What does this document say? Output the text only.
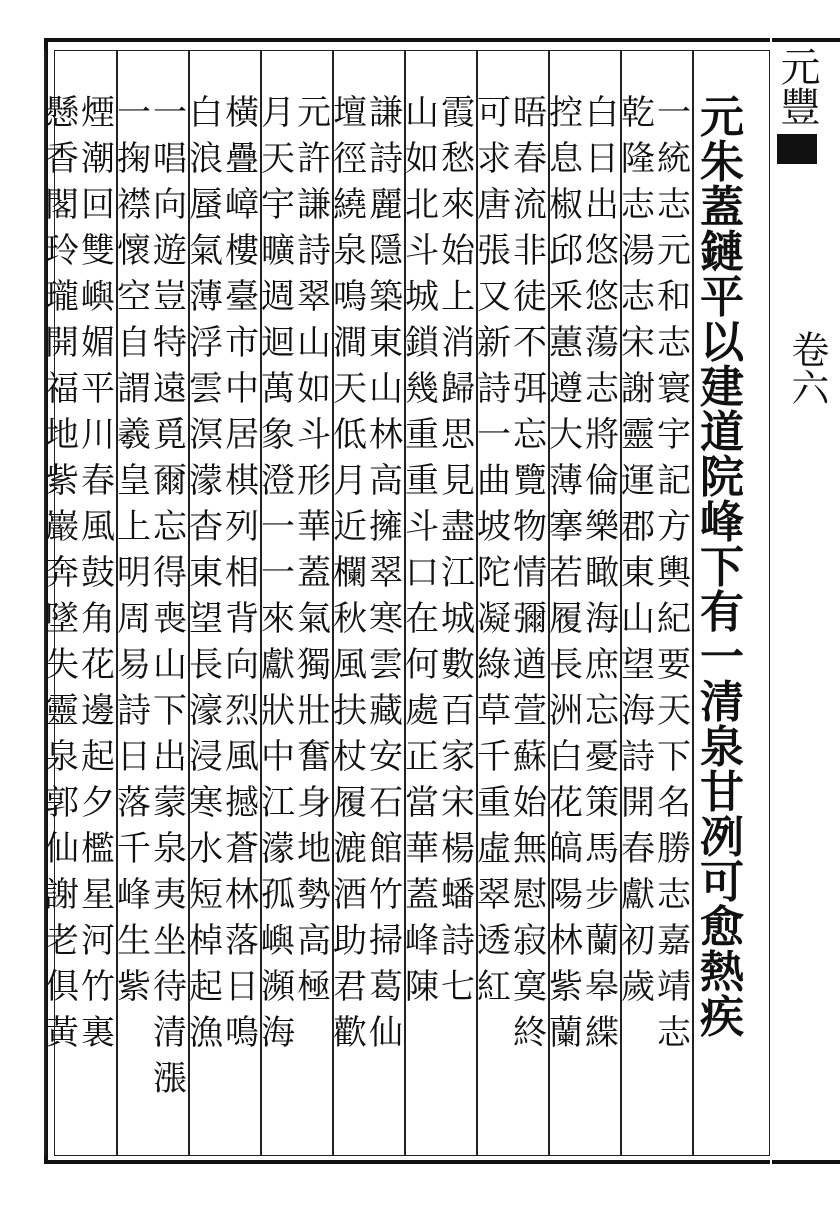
元豐
卷六
元
朱
蓋
鏈
平
以
建
道
院
峰
下
有
一
清
泉
甘
冽
可
愈
熱
疾
一
統
志
元
和
志
寰
宇
記
方
輿
紀
要
天
下
名
勝
志
嘉
靖
志
乾
隆
志
湯
志
宋
謝
靈
運
郡
東
山
望
海
詩
開
春
獻
初
歲
白
日
出
悠
悠
蕩
志
將
倫
樂
瞰
海
庶
忘
憂
策
馬
步
蘭
皋
緤
控
息
椒
邱
釆
蕙
遵
大
薄
搴
若
履
長
洲
白
花
皜
陽
林
紫
蘭
晤
春
流
非
徒
不
弭
忘
覽
物
情
彌
遒
萱
蘇
始
無
慰
寂
寞
終
可
求
唐
張
又
新
詩
一
曲
坡
陀
凝
綠
草
千
重
虛
翠
透
紅
霞
愁
來
始
上
消
歸
思
見
盡
江
城
數
百
家
宋
楊
蟠
詩
七
山
如
北
斗
城
鎖
幾
重
重
斗
口
在
何
處
正
當
華
蓋
峰
陳
謙
詩
麗
隱
築
東
山
林
高
擁
翠
寒
雲
藏
安
石
館
竹
掃
葛
仙
壇
徑
繞
泉
鳴
澗
天
低
月
近
欄
秋
風
扶
杖
履
漉
酒
助
君
歡
元
許
謙
詩
翠
山
如
斗
形
華
蓋
氣
獨
壯
奮
身
地
勢
高
極
月
天
宇
曠
週
迴
萬
象
澄
一
一
來
獻
狀
中
江
濛
孤
嶼
瀕
海
橫
疊
嶂
樓
臺
市
中
居
棋
列
相
背
向
烈
風
撼
蒼
林
落
日
鳴
白
浪
蜃
氣
薄
浮
雲
溟
濛
杳
東
望
長
濠
浸
寒
水
短
棹
起
漁
一
唱
向
遊
豈
特
遠
覓
爾
忘
得
喪
山
下
出
蒙
泉
夷
坐
待
清
漲
一
掬
襟
懷
空
自
謂
羲
皇
上
明
周
易
詩
日
落
千
峰
生
紫
煙
潮
回
雙
嶼
媚
平
川
春
風
鼓
角
花
邊
起
夕
檻
星
河
竹
裏
懸
香
閣
玲
瓏
開
福
地
紫
巖
奔
墜
失
靈
泉
郭
仙
謝
老
俱
黃
